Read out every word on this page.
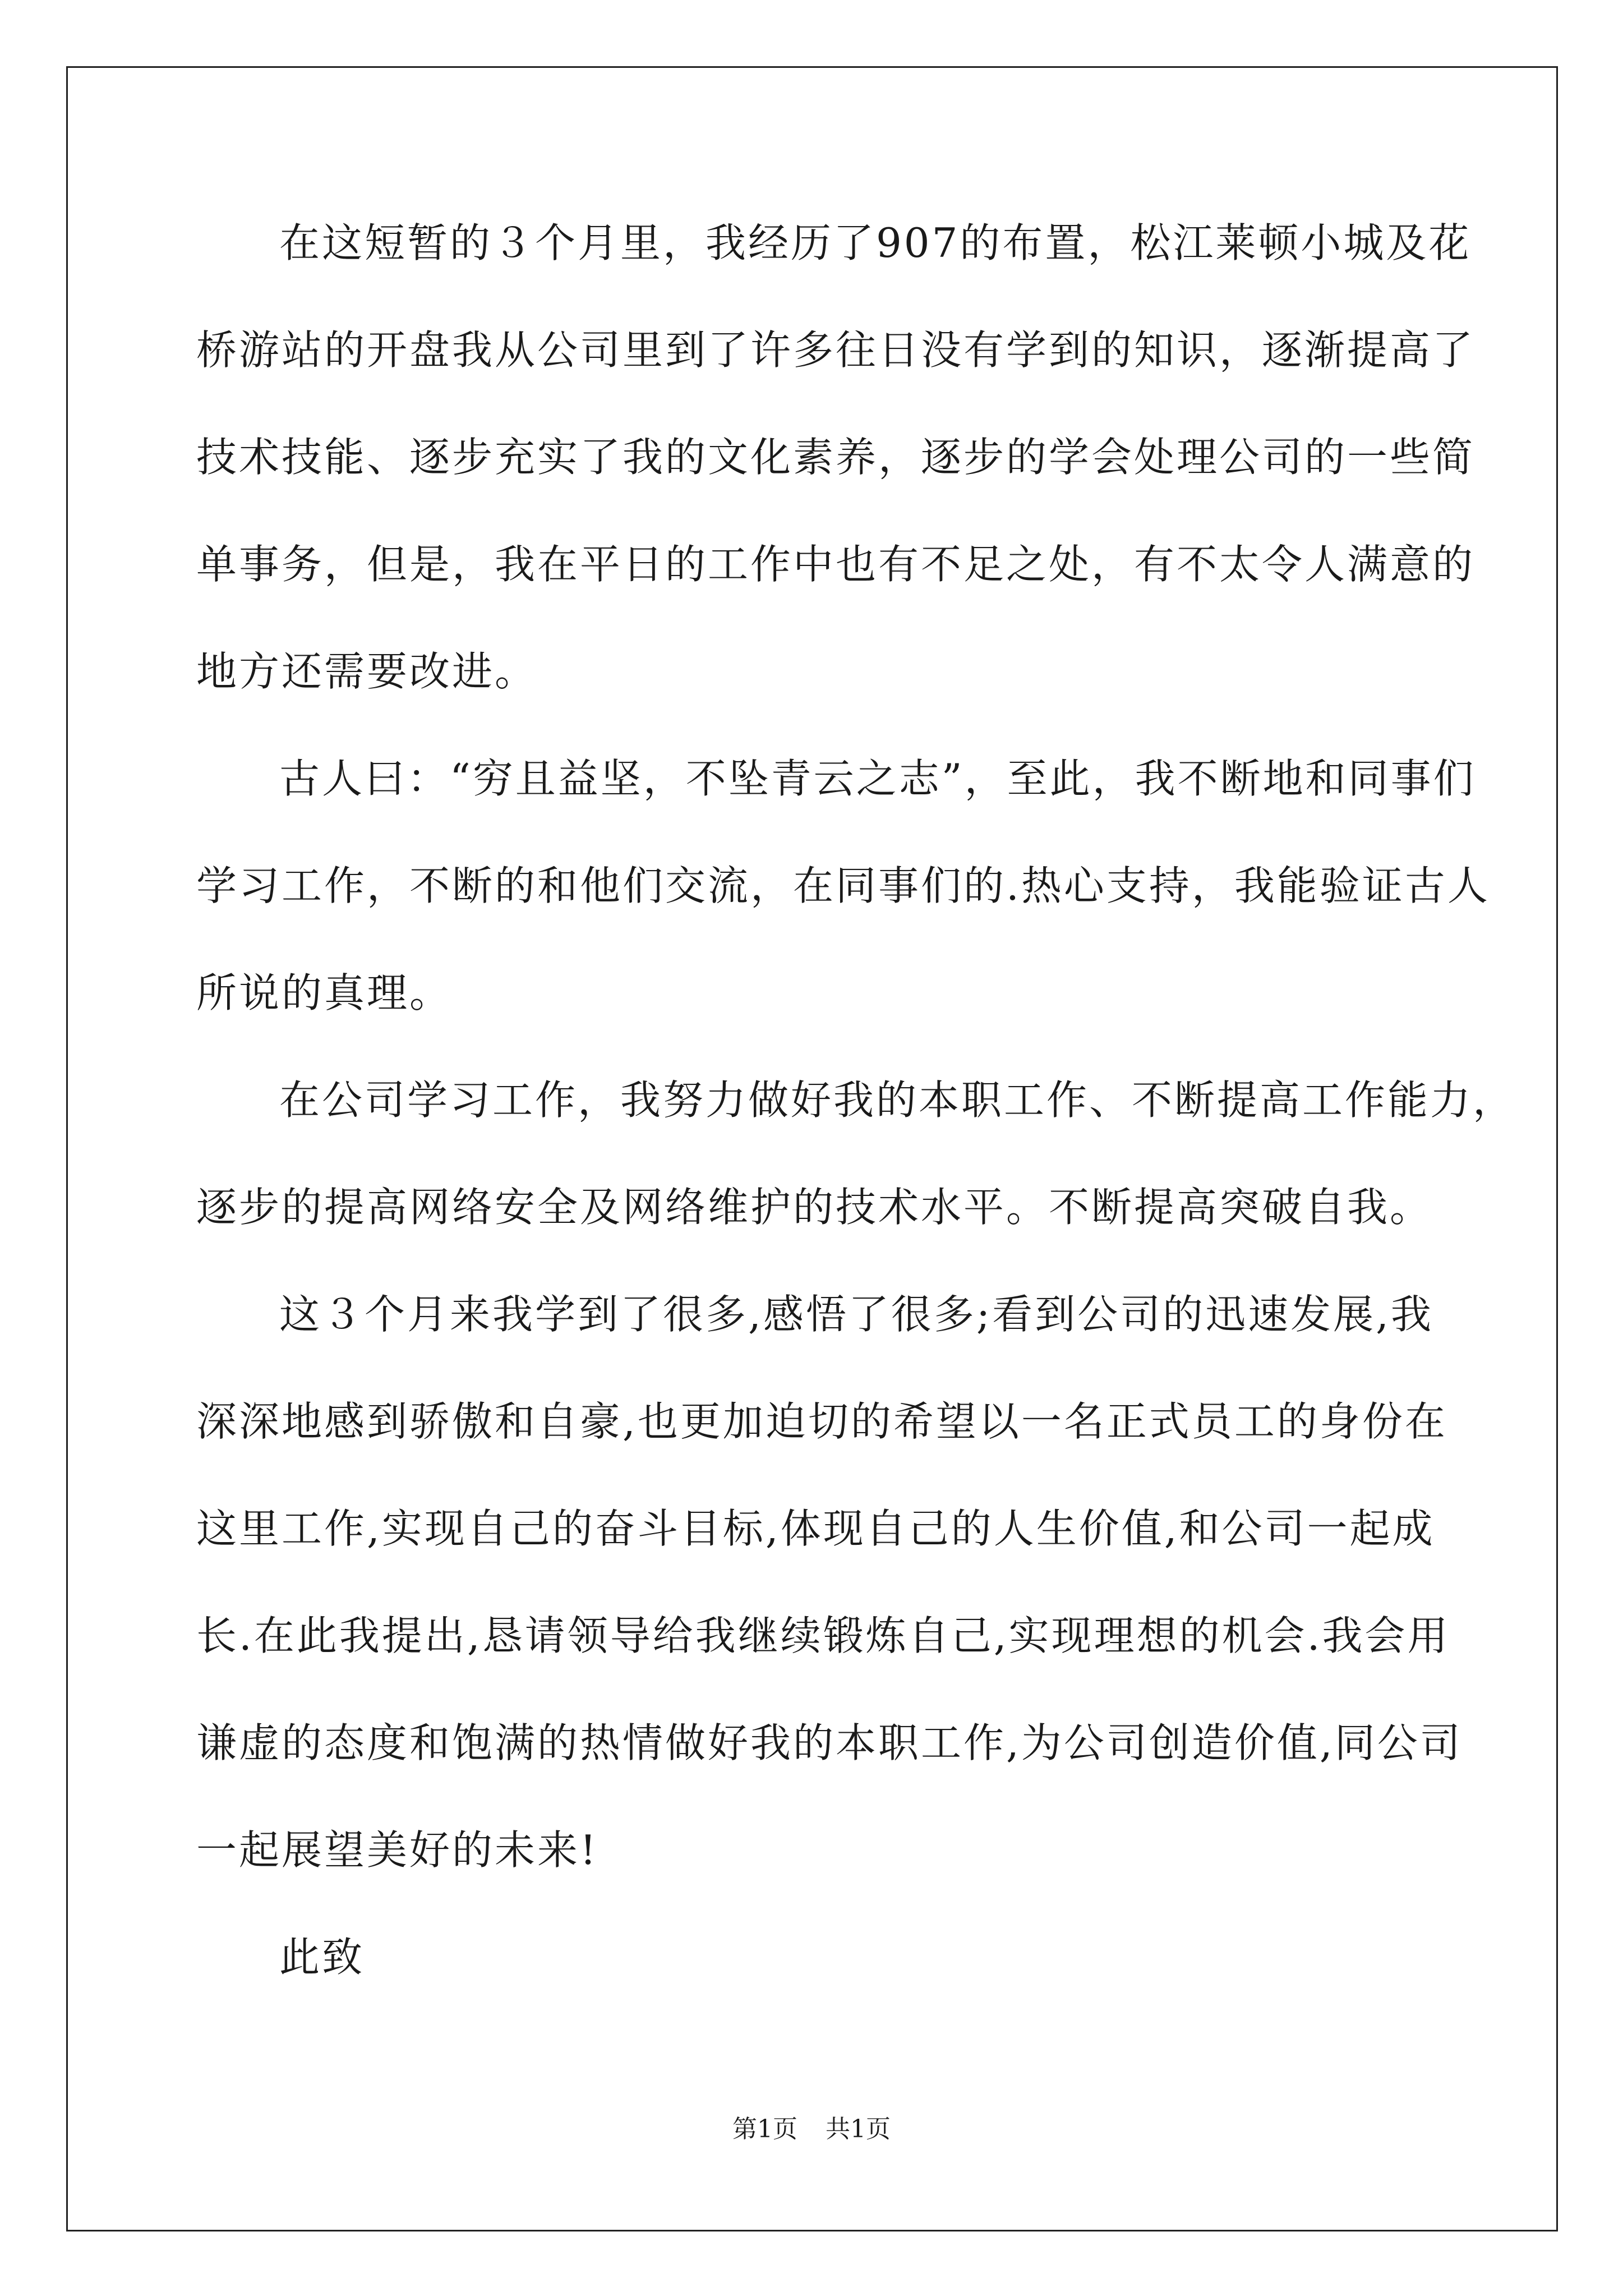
在这短暂的３个月里，我经历了907的布置，松江莱顿小城及花
桥游站的开盘我从公司里到了许多往日没有学到的知识，逐渐提高了
技术技能、逐步充实了我的文化素养，逐步的学会处理公司的一些简
单事务，但是，我在平日的工作中也有不足之处，有不太令人满意的
地方还需要改进。
古人曰：“穷且益坚，不坠青云之志”，至此，我不断地和同事们
学习工作，不断的和他们交流，在同事们的.热心支持，我能验证古人
所说的真理。
在公司学习工作，我努力做好我的本职工作、不断提高工作能力，
逐步的提高网络安全及网络维护的技术水平。不断提高突破自我。
这３个月来我学到了很多,感悟了很多;看到公司的迅速发展,我
深深地感到骄傲和自豪,也更加迫切的希望以一名正式员工的身份在
这里工作,实现自己的奋斗目标,体现自己的人生价值,和公司一起成
长.在此我提出,恳请领导给我继续锻炼自己,实现理想的机会.我会用
谦虚的态度和饱满的热情做好我的本职工作,为公司创造价值,同公司
一起展望美好的未来!
此致
第1页 共1页
